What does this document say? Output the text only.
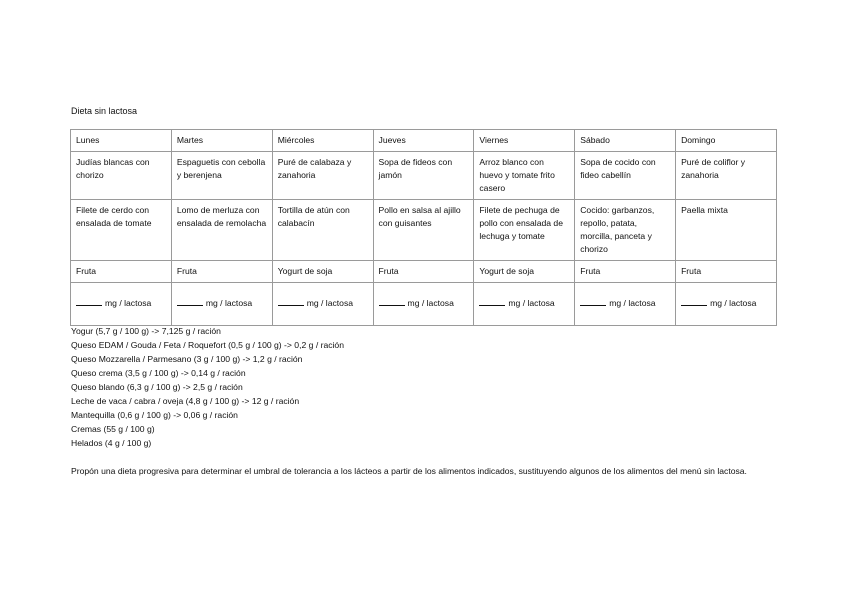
Dieta sin lactosa
Lunes	Martes	Miércoles	Jueves	Viernes	Sábado	Domingo
Judías blancas con chorizo	Espaguetis con cebolla y berenjena	Puré de calabaza y zanahoria	Sopa de fideos con jamón	Arroz blanco con huevo y tomate frito casero	Sopa de cocido con fideo cabellín	Puré de coliflor y zanahoria
Filete de cerdo con ensalada de tomate	Lomo de merluza con ensalada de remolacha	Tortilla de atún con calabacín	Pollo en salsa al ajillo con guisantes	Filete de pechuga de pollo con ensalada de lechuga y tomate	Cocido: garbanzos, repollo, patata, morcilla, panceta y chorizo	Paella mixta
Fruta	Fruta	Yogurt de soja	Fruta	Yogurt de soja	Fruta	Fruta
mg / lactosa	mg / lactosa	mg / lactosa	mg / lactosa	mg / lactosa	mg / lactosa	mg / lactosa
Yogur (5,7 g / 100 g) -> 7,125 g / ración
Queso EDAM / Gouda / Feta / Roquefort (0,5 g / 100 g) -> 0,2 g / ración
Queso Mozzarella / Parmesano (3 g / 100 g) -> 1,2 g / ración
Queso crema (3,5 g / 100 g) -> 0,14 g / ración
Queso blando (6,3 g / 100 g) -> 2,5 g / ración
Leche de vaca / cabra / oveja (4,8 g / 100 g) -> 12 g / ración
Mantequilla (0,6 g / 100 g) -> 0,06 g / ración
Cremas (55 g / 100 g)
Helados (4 g / 100 g)
Propón una dieta progresiva para determinar el umbral de tolerancia a los lácteos a partir de los alimentos indicados, sustituyendo algunos de los alimentos del menú sin lactosa.
